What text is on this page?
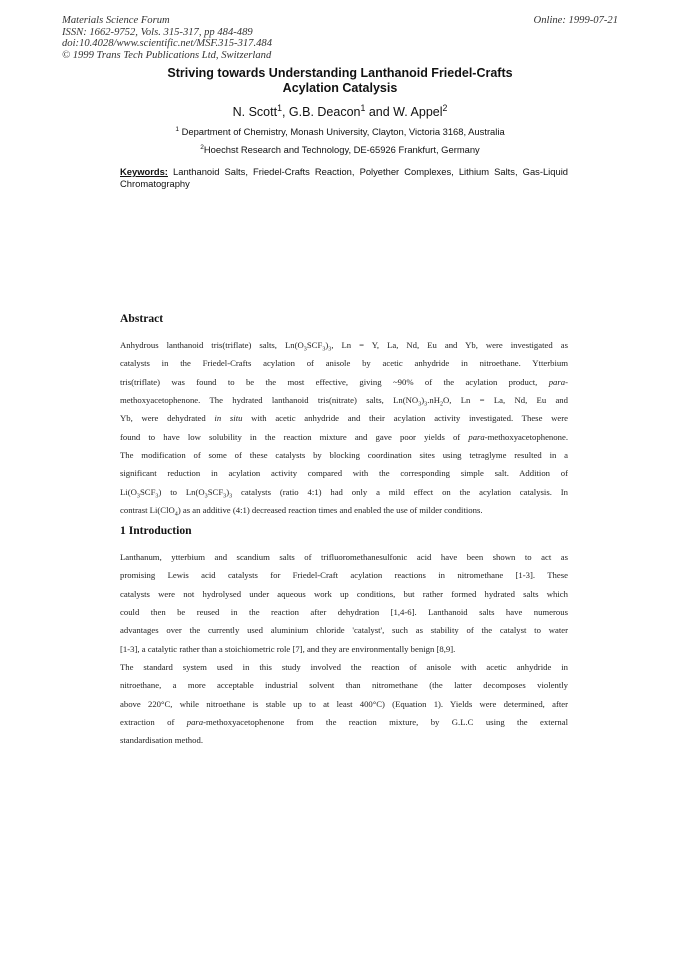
Materials Science Forum
ISSN: 1662-9752, Vols. 315-317, pp 484-489
doi:10.4028/www.scientific.net/MSF.315-317.484
© 1999 Trans Tech Publications Ltd, Switzerland
Online: 1999-07-21
Striving towards Understanding Lanthanoid Friedel-Crafts
Acylation Catalysis
N. Scott$^1$, G.B. Deacon$^1$ and W. Appel$^2$
$^1$ Department of Chemistry, Monash University, Clayton, Victoria 3168, Australia
$^2$Hoechst Research and Technology, DE-65926 Frankfurt, Germany
Keywords: Lanthanoid Salts, Friedel-Crafts Reaction, Polyether Complexes, Lithium Salts, Gas-Liquid Chromatography
Abstract
Anhydrous lanthanoid tris(triflate) salts, $Ln(O_3SCF_3)_3$, Ln = Y, La, Nd, Eu and Yb, were investigated as
catalysts in the Friedel-Crafts acylation of anisole by acetic anhydride in nitroethane. Ytterbium
tris(triflate) was found to be the most effective, giving ~90% of the acylation product, para-
methoxyacetophenone. The hydrated lanthanoid tris(nitrate) salts, $Ln(NO_3)_3.nH_2O$, Ln = La, Nd, Eu and
Yb, were dehydrated in situ with acetic anhydride and their acylation activity investigated. These were
found to have low solubility in the reaction mixture and gave poor yields of para-methoxyacetophenone.
The modification of some of these catalysts by blocking coordination sites using tetraglyme resulted in a
significant reduction in acylation activity compared with the corresponding simple salt. Addition of
$Li(O_3SCF_3)$ to $Ln(O_3SCF_3)_3$ catalysts (ratio 4:1) had only a mild effect on the acylation catalysis. In
contrast Li(ClO$_4$) as an additive (4:1) decreased reaction times and enabled the use of milder conditions.
1 Introduction
Lanthanum, ytterbium and scandium salts of trifluoromethanesulfonic acid have been shown to act as
promising Lewis acid catalysts for Friedel-Craft acylation reactions in nitromethane [1-3]. These
catalysts were not hydrolysed under aqueous work up conditions, but rather formed hydrated salts which
could then be reused in the reaction after dehydration [1,4-6]. Lanthanoid salts have numerous
advantages over the currently used aluminium chloride 'catalyst', such as stability of the catalyst to water
[1-3], a catalytic rather than a stoichiometric role [7], and they are environmentally benign [8,9].
The standard system used in this study involved the reaction of anisole with acetic anhydride in
nitroethane, a more acceptable industrial solvent than nitromethane (the latter decomposes violently
above 220°C, while nitroethane is stable up to at least 400°C) (Equation 1). Yields were determined, after
extraction of para-methoxyacetophenone from the reaction mixture, by G.L.C using the external
standardisation method.
